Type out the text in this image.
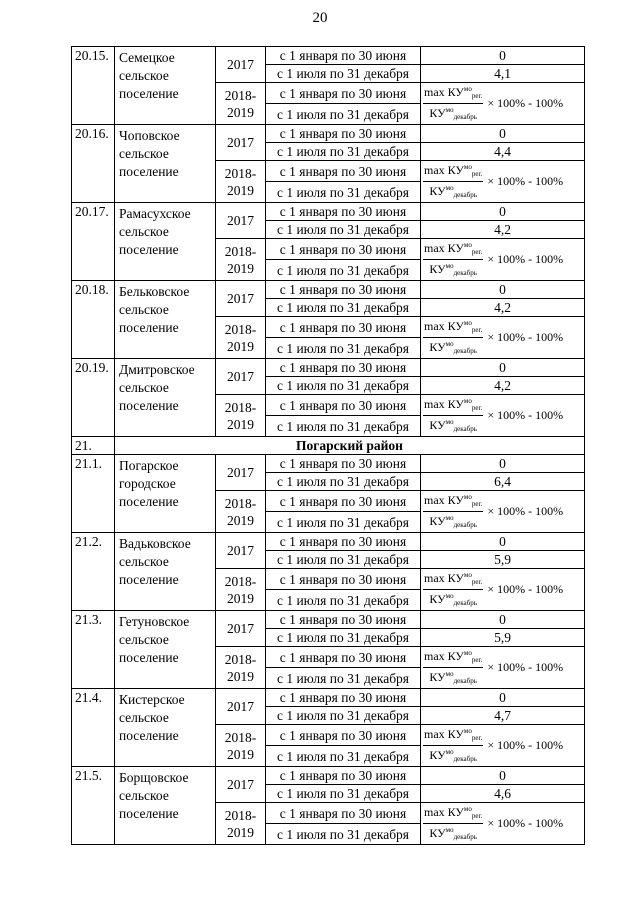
20
20.15.	Семецкое сельское поселение	2017	с 1 января по 30 июня	0
			с 1 июля по 31 декабря	4,1
		2018-2019	с 1 января по 30 июня	$\frac{\max КУ^{мо}_{рег.}}{КУ^{мо}_{декабрь}} \times 100\% - 100\%$
			с 1 июля по 31 декабря	
20.16.	Чоповское сельское поселение	2017	с 1 января по 30 июня	0
			с 1 июля по 31 декабря	4,4
		2018-2019	с 1 января по 30 июня	$\frac{\max КУ^{мо}_{рег.}}{КУ^{мо}_{декабрь}} \times 100\% - 100\%$
			с 1 июля по 31 декабря	
20.17.	Рамасухское сельское поселение	2017	с 1 января по 30 июня	0
			с 1 июля по 31 декабря	4,2
		2018-2019	с 1 января по 30 июня	$\frac{\max КУ^{мо}_{рег.}}{КУ^{мо}_{декабрь}} \times 100\% - 100\%$
			с 1 июля по 31 декабря	
20.18.	Бельковское сельское поселение	2017	с 1 января по 30 июня	0
			с 1 июля по 31 декабря	4,2
		2018-2019	с 1 января по 30 июня	$\frac{\max КУ^{мо}_{рег.}}{КУ^{мо}_{декабрь}} \times 100\% - 100\%$
			с 1 июля по 31 декабря	
20.19.	Дмитровское сельское поселение	2017	с 1 января по 30 июня	0
			с 1 июля по 31 декабря	4,2
		2018-2019	с 1 января по 30 июня	$\frac{\max КУ^{мо}_{рег.}}{КУ^{мо}_{декабрь}} \times 100\% - 100\%$
			с 1 июля по 31 декабря	
21.	Погарский район			
21.1.	Погарское городское поселение	2017	с 1 января по 30 июня	0
			с 1 июля по 31 декабря	6,4
		2018-2019	с 1 января по 30 июня	$\frac{\max КУ^{мо}_{рег.}}{КУ^{мо}_{декабрь}} \times 100\% - 100\%$
			с 1 июля по 31 декабря	
21.2.	Вадьковское сельское поселение	2017	с 1 января по 30 июня	0
			с 1 июля по 31 декабря	5,9
		2018-2019	с 1 января по 30 июня	$\frac{\max КУ^{мо}_{рег.}}{КУ^{мо}_{декабрь}} \times 100\% - 100\%$
			с 1 июля по 31 декабря	
21.3.	Гетуновское сельское поселение	2017	с 1 января по 30 июня	0
			с 1 июля по 31 декабря	5,9
		2018-2019	с 1 января по 30 июня	$\frac{\max КУ^{мо}_{рег.}}{КУ^{мо}_{декабрь}} \times 100\% - 100\%$
			с 1 июля по 31 декабря	
21.4.	Кистерское сельское поселение	2017	с 1 января по 30 июня	0
			с 1 июля по 31 декабря	4,7
		2018-2019	с 1 января по 30 июня	$\frac{\max КУ^{мо}_{рег.}}{КУ^{мо}_{декабрь}} \times 100\% - 100\%$
			с 1 июля по 31 декабря	
21.5.	Борщовское сельское поселение	2017	с 1 января по 30 июня	0
			с 1 июля по 31 декабря	4,6
		2018-2019	с 1 января по 30 июня	$\frac{\max КУ^{мо}_{рег.}}{КУ^{мо}_{декабрь}} \times 100\% - 100\%$
			с 1 июля по 31 декабря	
